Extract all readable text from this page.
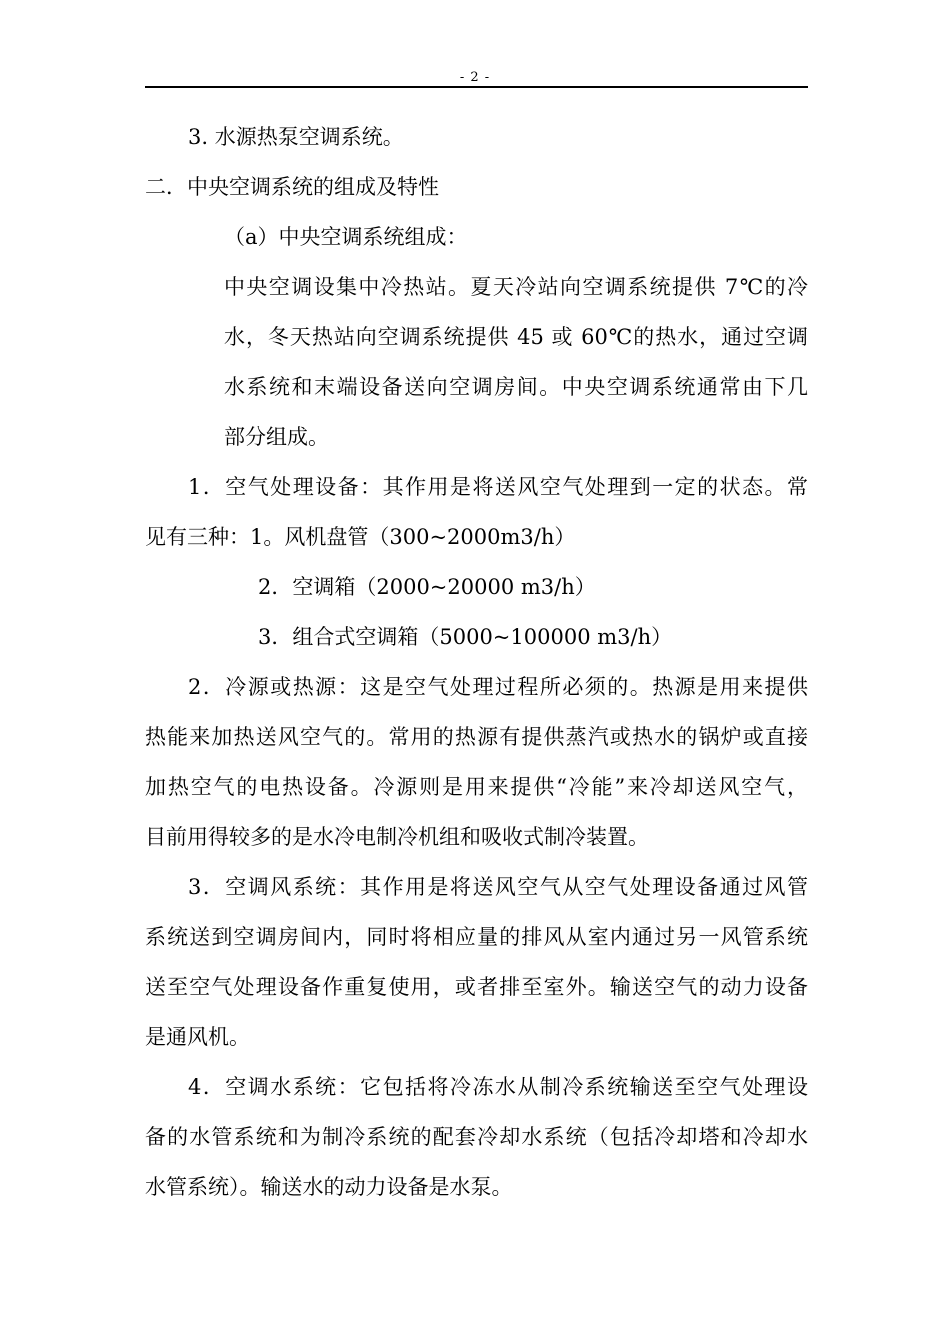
- 2 -
3. 水源热泵空调系统。
二．中央空调系统的组成及特性
（a）中央空调系统组成：
中央空调设集中冷热站。夏天冷站向空调系统提供 7℃的冷
水，冬天热站向空调系统提供 45 或 60℃的热水，通过空调
水系统和末端设备送向空调房间。中央空调系统通常由下几
部分组成。
1．空气处理设备：其作用是将送风空气处理到一定的状态。常
见有三种：1。风机盘管（300~2000m3/h）
2．空调箱（2000~20000 m3/h）
3．组合式空调箱（5000~100000 m3/h）
2．冷源或热源：这是空气处理过程所必须的。热源是用来提供
热能来加热送风空气的。常用的热源有提供蒸汽或热水的锅炉或直接
加热空气的电热设备。冷源则是用来提供“冷能”来冷却送风空气，
目前用得较多的是水冷电制冷机组和吸收式制冷装置。
3．空调风系统：其作用是将送风空气从空气处理设备通过风管
系统送到空调房间内，同时将相应量的排风从室内通过另一风管系统
送至空气处理设备作重复使用，或者排至室外。输送空气的动力设备
是通风机。
4．空调水系统：它包括将冷冻水从制冷系统输送至空气处理设
备的水管系统和为制冷系统的配套冷却水系统（包括冷却塔和冷却水
水管系统）。输送水的动力设备是水泵。
